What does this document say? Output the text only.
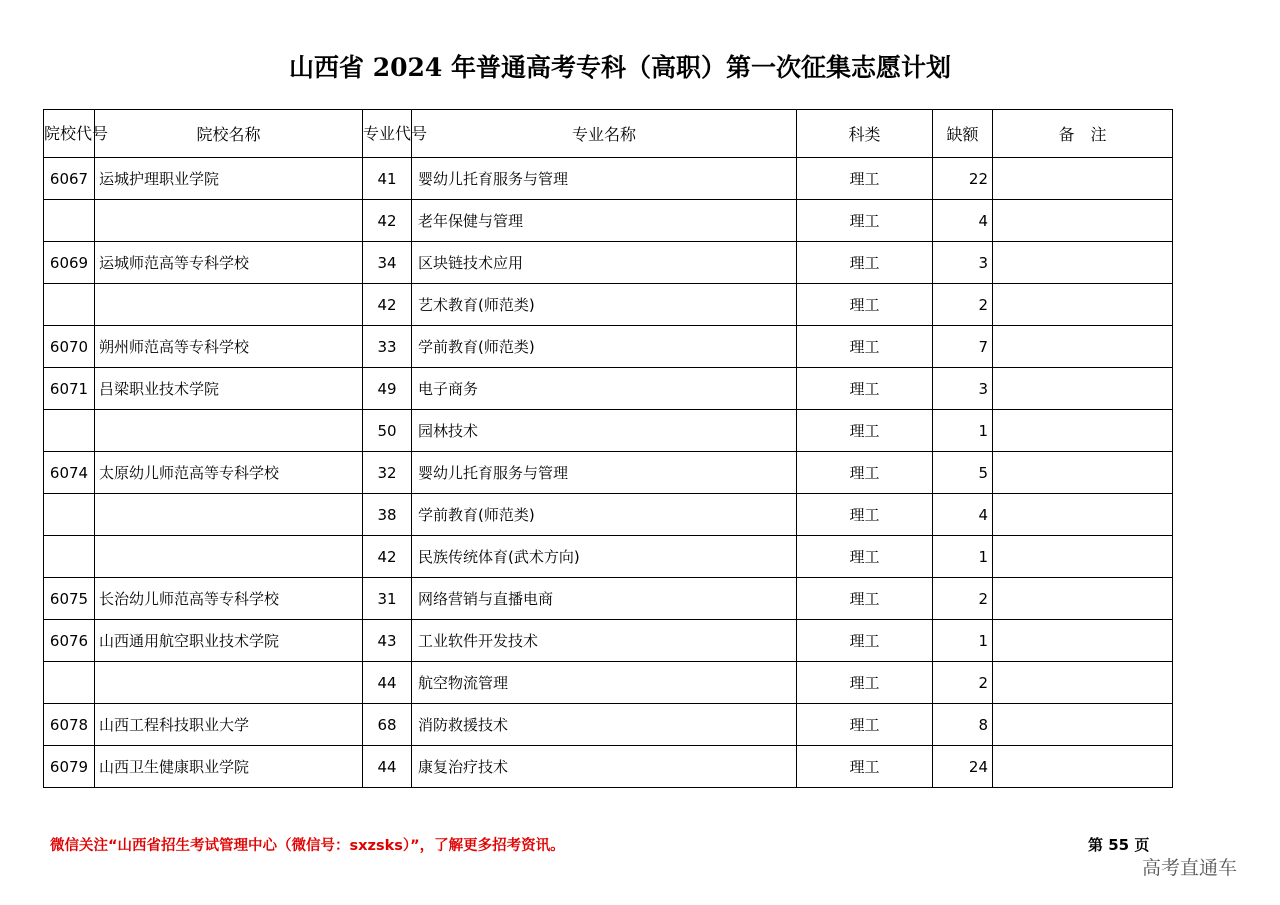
山西省 2024 年普通高考专科（高职）第一次征集志愿计划
院校代号	院校名称	专业代号	专业名称	科类	缺额	备　注
6067	运城护理职业学院	41	婴幼儿托育服务与管理	理工	22	
		42	老年保健与管理	理工	4	
6069	运城师范高等专科学校	34	区块链技术应用	理工	3	
		42	艺术教育(师范类)	理工	2	
6070	朔州师范高等专科学校	33	学前教育(师范类)	理工	7	
6071	吕梁职业技术学院	49	电子商务	理工	3	
		50	园林技术	理工	1	
6074	太原幼儿师范高等专科学校	32	婴幼儿托育服务与管理	理工	5	
		38	学前教育(师范类)	理工	4	
		42	民族传统体育(武术方向)	理工	1	
6075	长治幼儿师范高等专科学校	31	网络营销与直播电商	理工	2	
6076	山西通用航空职业技术学院	43	工业软件开发技术	理工	1	
		44	航空物流管理	理工	2	
6078	山西工程科技职业大学	68	消防救援技术	理工	8	
6079	山西卫生健康职业学院	44	康复治疗技术	理工	24	
微信关注“山西省招生考试管理中心（微信号：sxzsks）”，了解更多招考资讯。	第 55 页
高考直通车
